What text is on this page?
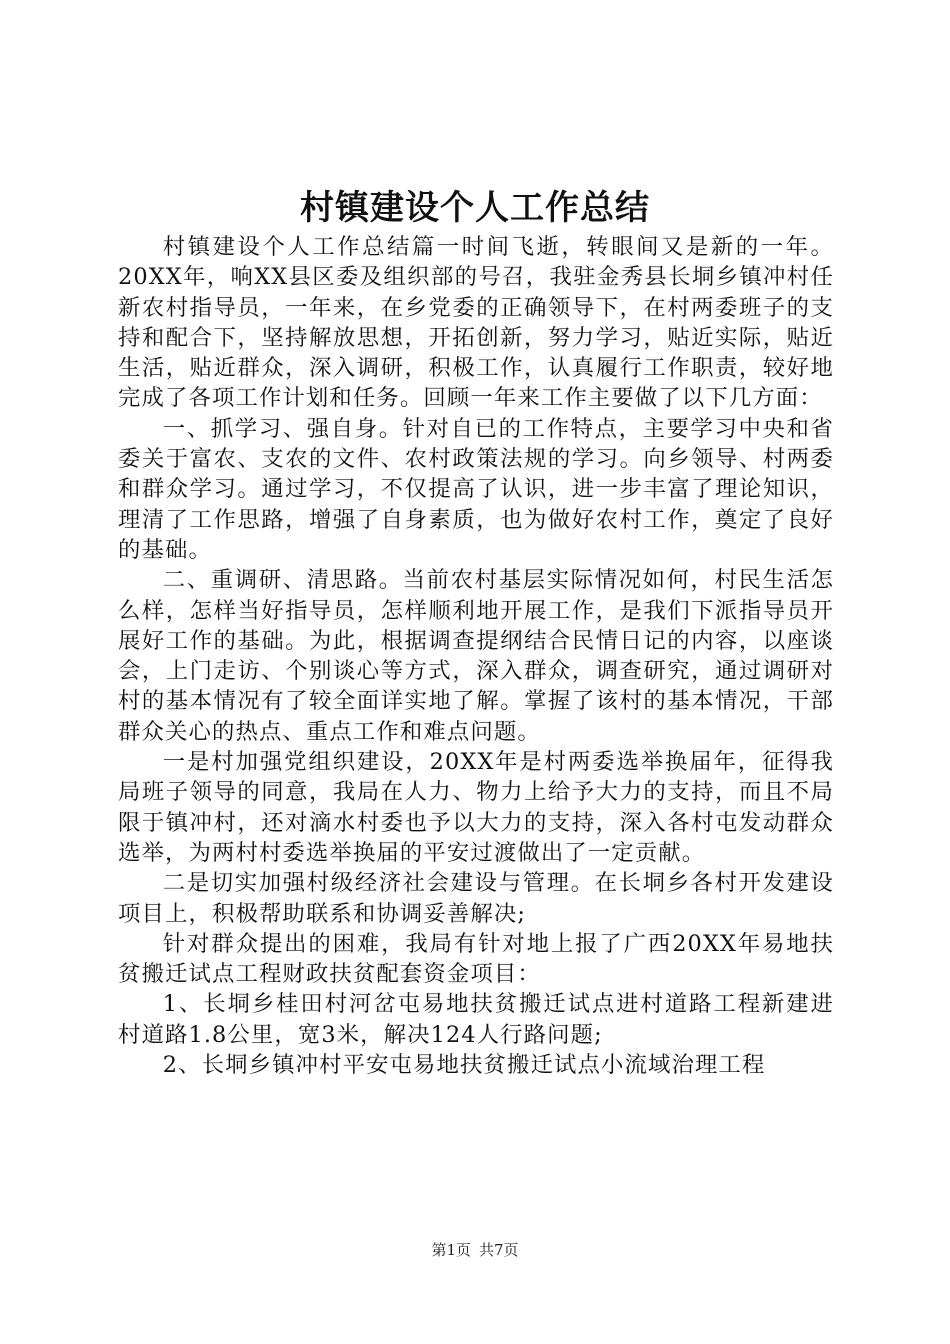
村镇建设个人工作总结

村镇建设个人工作总结篇一时间飞逝，转眼间又是新的一年。20XX年，响XX县区委及组织部的号召，我驻金秀县长垌乡镇冲村任新农村指导员，一年来，在乡党委的正确领导下，在村两委班子的支持和配合下，坚持解放思想，开拓创新，努力学习，贴近实际，贴近生活，贴近群众，深入调研，积极工作，认真履行工作职责，较好地完成了各项工作计划和任务。回顾一年来工作主要做了以下几方面：

一、抓学习、强自身。针对自已的工作特点，主要学习中央和省委关于富农、支农的文件、农村政策法规的学习。向乡领导、村两委和群众学习。通过学习，不仅提高了认识，进一步丰富了理论知识，理清了工作思路，增强了自身素质，也为做好农村工作，奠定了良好的基础。

二、重调研、清思路。当前农村基层实际情况如何，村民生活怎么样，怎样当好指导员，怎样顺利地开展工作，是我们下派指导员开展好工作的基础。为此，根据调查提纲结合民情日记的内容，以座谈会，上门走访、个别谈心等方式，深入群众，调查研究，通过调研对村的基本情况有了较全面详实地了解。掌握了该村的基本情况，干部群众关心的热点、重点工作和难点问题。

一是村加强党组织建设，20XX年是村两委选举换届年，征得我局班子领导的同意，我局在人力、物力上给予大力的支持，而且不局限于镇冲村，还对滴水村委也予以大力的支持，深入各村屯发动群众选举，为两村村委选举换届的平安过渡做出了一定贡献。

二是切实加强村级经济社会建设与管理。在长垌乡各村开发建设项目上，积极帮助联系和协调妥善解决;

针对群众提出的困难，我局有针对地上报了广西20XX年易地扶贫搬迁试点工程财政扶贫配套资金项目：

1、长垌乡桂田村河岔屯易地扶贫搬迁试点进村道路工程新建进村道路1.8公里，宽3米，解决124人行路问题;

2、长垌乡镇冲村平安屯易地扶贫搬迁试点小流域治理工程

第1页 共7页
